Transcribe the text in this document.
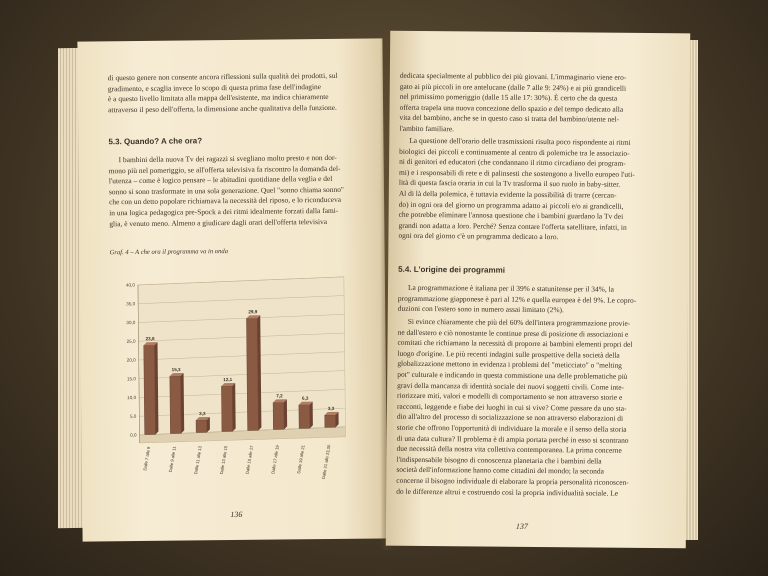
di questo genere non consente ancora riflessioni sulla qualità dei prodotti, sul
gradimento, e scaglia invece lo scopo di questa prima fase dell'indagine
è a questo livello limitata alla mappa dell'esistente, ma indica chiaramente
attraverso il peso dell'offerta, la dimensione anche qualitativa della funzione.
5.3. Quando? A che ora?
I bambini della nuova Tv dei ragazzi si svegliano molto presto e non dor-
mono più nel pomeriggio, se all'offerta televisiva fa riscontro la domanda del-
l'utenza – come è logico pensare – le abitudini quotidiane della veglia e del
sonno si sono trasformate in una sola generazione. Quel "sonno chiama sonno"
che con un detto popolare richiamava la necessità del riposo, e lo riconduceva
in una logica pedagogica pre-Spock a dei ritmi idealmente forzati dalla fami-
glia, è venuto meno. Almeno a giudicare dagli orari dell'offerta televisiva
Graf. 4 – A che ora il programma va in onda
0,0
5,0
10,0
15,0
20,0
25,0
30,0
35,0
40,0
23,8
Dalle 7 alle 9
15,3
Dalle 9 alle 11
3,3
Dalle 11 alle 13
12,1
Dalle 13 alle 15
29,9
Dalle 15 alle 17
7,2
Dalle 17 alle 19
6,3
Dalle 19 alle 21
3,3
Dalle 21 alle 23,30
136
dedicata specialmente al pubblico dei più giovani. L'immaginario viene ero-
gato ai più piccoli in ore antelucane (dalle 7 alle 9: 24%) e ai più grandicelli
nel primissimo pomeriggio (dalle 15 alle 17: 30%). È certo che da questa
offerta trapela una nuova concezione dello spazio e del tempo dedicato alla
vita del bambino, anche se in questo caso si tratta del bambino/utente nel-
l'ambito familiare.
La questione dell'orario delle trasmissioni risulta poco rispondente ai ritmi
biologici dei piccoli e continuamente al centro di polemiche tra le associazio-
ni di genitori ed educatori (che condannano il ritmo circadiano dei program-
mi) e i responsabili di rete e di palinsesti che sostengono a livello europeo l'uti-
lità di questa fascia oraria in cui la Tv trasforma il suo ruolo in baby-sitter.
Al di là della polemica, è tuttavia evidente la possibilità di trarre (cercan-
do) in ogni ora del giorno un programma adatto ai piccoli e/o ai grandicelli,
che potrebbe eliminare l'annosa questione che i bambini guardano la Tv dei
grandi non adatta a loro. Perché? Senza contare l'offerta satellitare, infatti, in
ogni ora del giorno c'è un programma dedicato a loro.
5.4. L'origine dei programmi
La programmazione è italiana per il 39% e statunitense per il 34%, la
programmazione giapponese è pari al 12% e quella europea è del 9%. Le copro-
duzioni con l'estero sono in numero assai limitato (2%).
Si evince chiaramente che più del 60% dell'intera programmazione provie-
ne dall'estero e ciò nonostante le continue prese di posizione di associazioni e
comitati che richiamano la necessità di proporre ai bambini elementi propri del
luogo d'origine. Le più recenti indagini sulle prospettive della società della
globalizzazione mettono in evidenza i problemi del "meticciato" o "melting
pot" culturale e indicando in questa commistione una delle problematiche più
gravi della mancanza di identità sociale dei nuovi soggetti civili. Come inte-
riorizzare miti, valori e modelli di comportamento se non attraverso storie e
racconti, leggende e fiabe dei luoghi in cui si vive? Come passare da uno sta-
dio all'altro del processo di socializzazione se non attraverso elaborazioni di
storie che offrono l'opportunità di individuare la morale e il senso della storia
di una data cultura? Il problema è di ampia portata perché in esso si scontrano
due necessità della nostra vita collettiva contemporanea. La prima concerne
l'indispensabile bisogno di conoscenza planetaria che i bambini della
società dell'informazione hanno come cittadini del mondo; la seconda
concerne il bisogno individuale di elaborare la propria personalità riconoscen-
do le differenze altrui e costruendo così la propria individualità sociale. Le
137
